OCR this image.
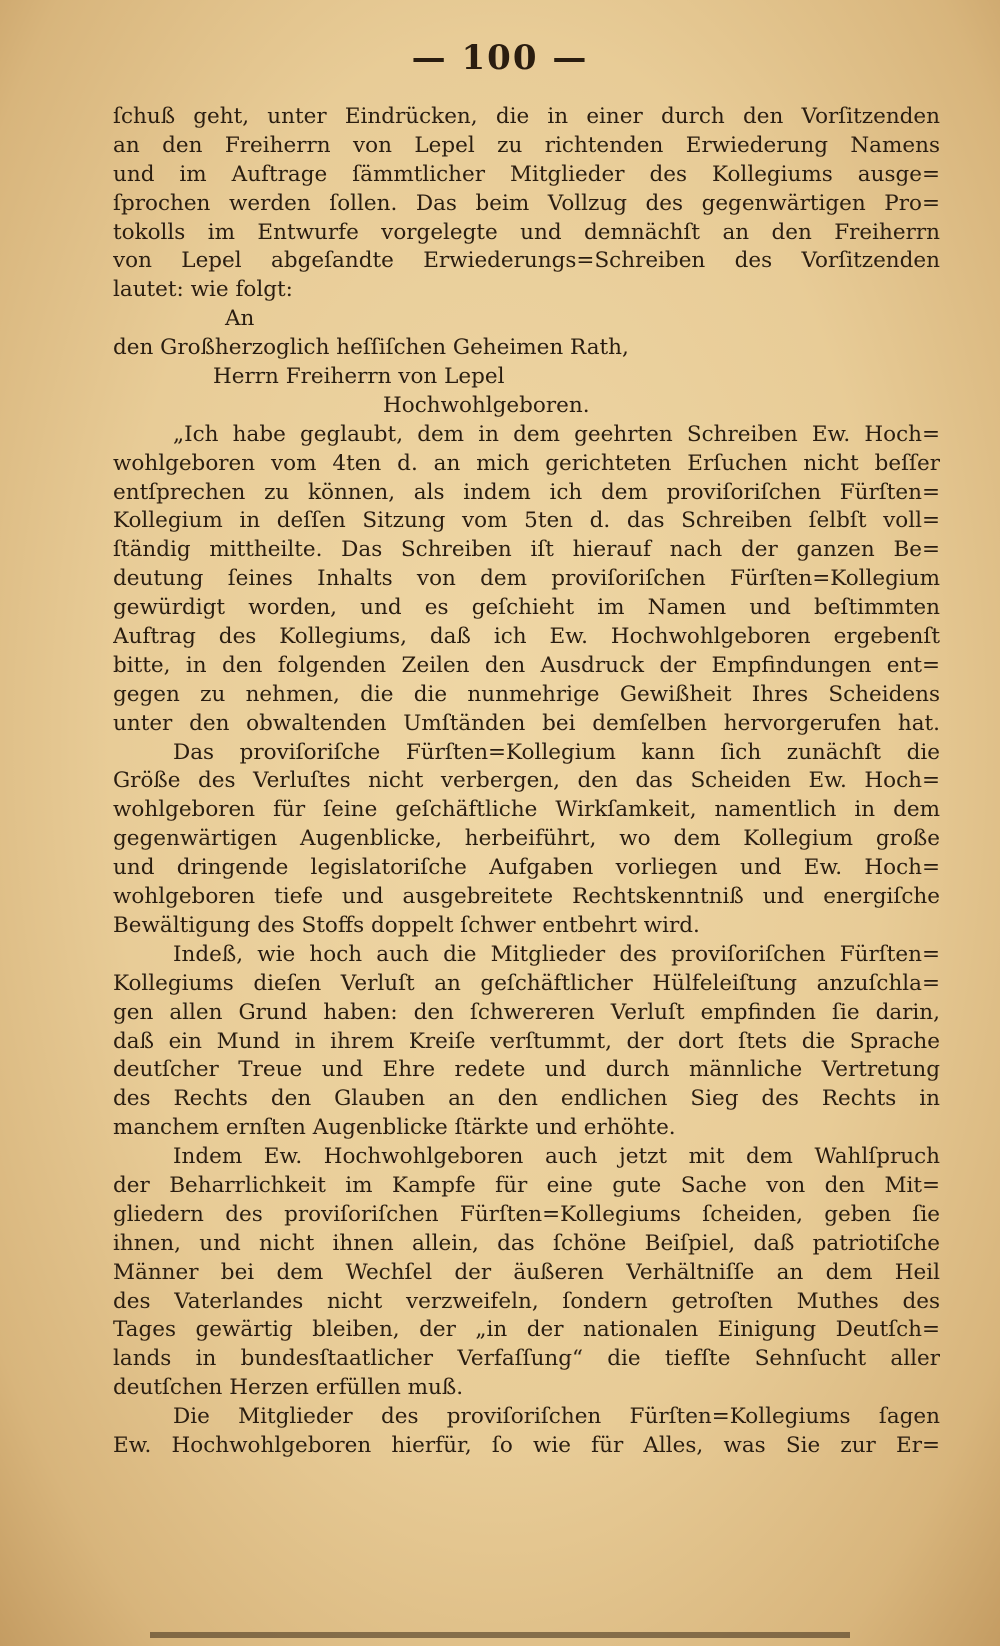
— 100 —
ſchuß geht, unter Eindrücken, die in einer durch den Vorſitzenden
an den Freiherrn von Lepel zu richtenden Erwiederung Namens
und im Auftrage ſämmtlicher Mitglieder des Kollegiums ausge=
ſprochen werden ſollen. Das beim Vollzug des gegenwärtigen Pro=
tokolls im Entwurfe vorgelegte und demnächſt an den Freiherrn
von Lepel abgeſandte Erwiederungs=Schreiben des Vorſitzenden
lautet: wie folgt:
An
den Großherzoglich heſſiſchen Geheimen Rath,
Herrn Freiherrn von Lepel
Hochwohlgeboren.
„Ich habe geglaubt, dem in dem geehrten Schreiben Ew. Hoch=
wohlgeboren vom 4ten d. an mich gerichteten Erſuchen nicht beſſer
entſprechen zu können, als indem ich dem proviſoriſchen Fürſten=
Kollegium in deſſen Sitzung vom 5ten d. das Schreiben ſelbſt voll=
ſtändig mittheilte. Das Schreiben iſt hierauf nach der ganzen Be=
deutung ſeines Inhalts von dem proviſoriſchen Fürſten=Kollegium
gewürdigt worden, und es geſchieht im Namen und beſtimmten
Auftrag des Kollegiums, daß ich Ew. Hochwohlgeboren ergebenſt
bitte, in den folgenden Zeilen den Ausdruck der Empfindungen ent=
gegen zu nehmen, die die nunmehrige Gewißheit Ihres Scheidens
unter den obwaltenden Umſtänden bei demſelben hervorgerufen hat.
Das proviſoriſche Fürſten=Kollegium kann ſich zunächſt die
Größe des Verluſtes nicht verbergen, den das Scheiden Ew. Hoch=
wohlgeboren für ſeine geſchäftliche Wirkſamkeit, namentlich in dem
gegenwärtigen Augenblicke, herbeiführt, wo dem Kollegium große
und dringende legislatoriſche Aufgaben vorliegen und Ew. Hoch=
wohlgeboren tiefe und ausgebreitete Rechtskenntniß und energiſche
Bewältigung des Stoffs doppelt ſchwer entbehrt wird.
Indeß, wie hoch auch die Mitglieder des proviſoriſchen Fürſten=
Kollegiums dieſen Verluſt an geſchäftlicher Hülfeleiſtung anzuſchla=
gen allen Grund haben: den ſchwereren Verluſt empfinden ſie darin,
daß ein Mund in ihrem Kreiſe verſtummt, der dort ſtets die Sprache
deutſcher Treue und Ehre redete und durch männliche Vertretung
des Rechts den Glauben an den endlichen Sieg des Rechts in
manchem ernſten Augenblicke ſtärkte und erhöhte.
Indem Ew. Hochwohlgeboren auch jetzt mit dem Wahlſpruch
der Beharrlichkeit im Kampfe für eine gute Sache von den Mit=
gliedern des proviſoriſchen Fürſten=Kollegiums ſcheiden, geben ſie
ihnen, und nicht ihnen allein, das ſchöne Beiſpiel, daß patriotiſche
Männer bei dem Wechſel der äußeren Verhältniſſe an dem Heil
des Vaterlandes nicht verzweifeln, ſondern getroſten Muthes des
Tages gewärtig bleiben, der „in der nationalen Einigung Deutſch=
lands in bundesſtaatlicher Verfaſſung“ die tiefſte Sehnſucht aller
deutſchen Herzen erfüllen muß.
Die Mitglieder des proviſoriſchen Fürſten=Kollegiums ſagen
Ew. Hochwohlgeboren hierfür, ſo wie für Alles, was Sie zur Er=
